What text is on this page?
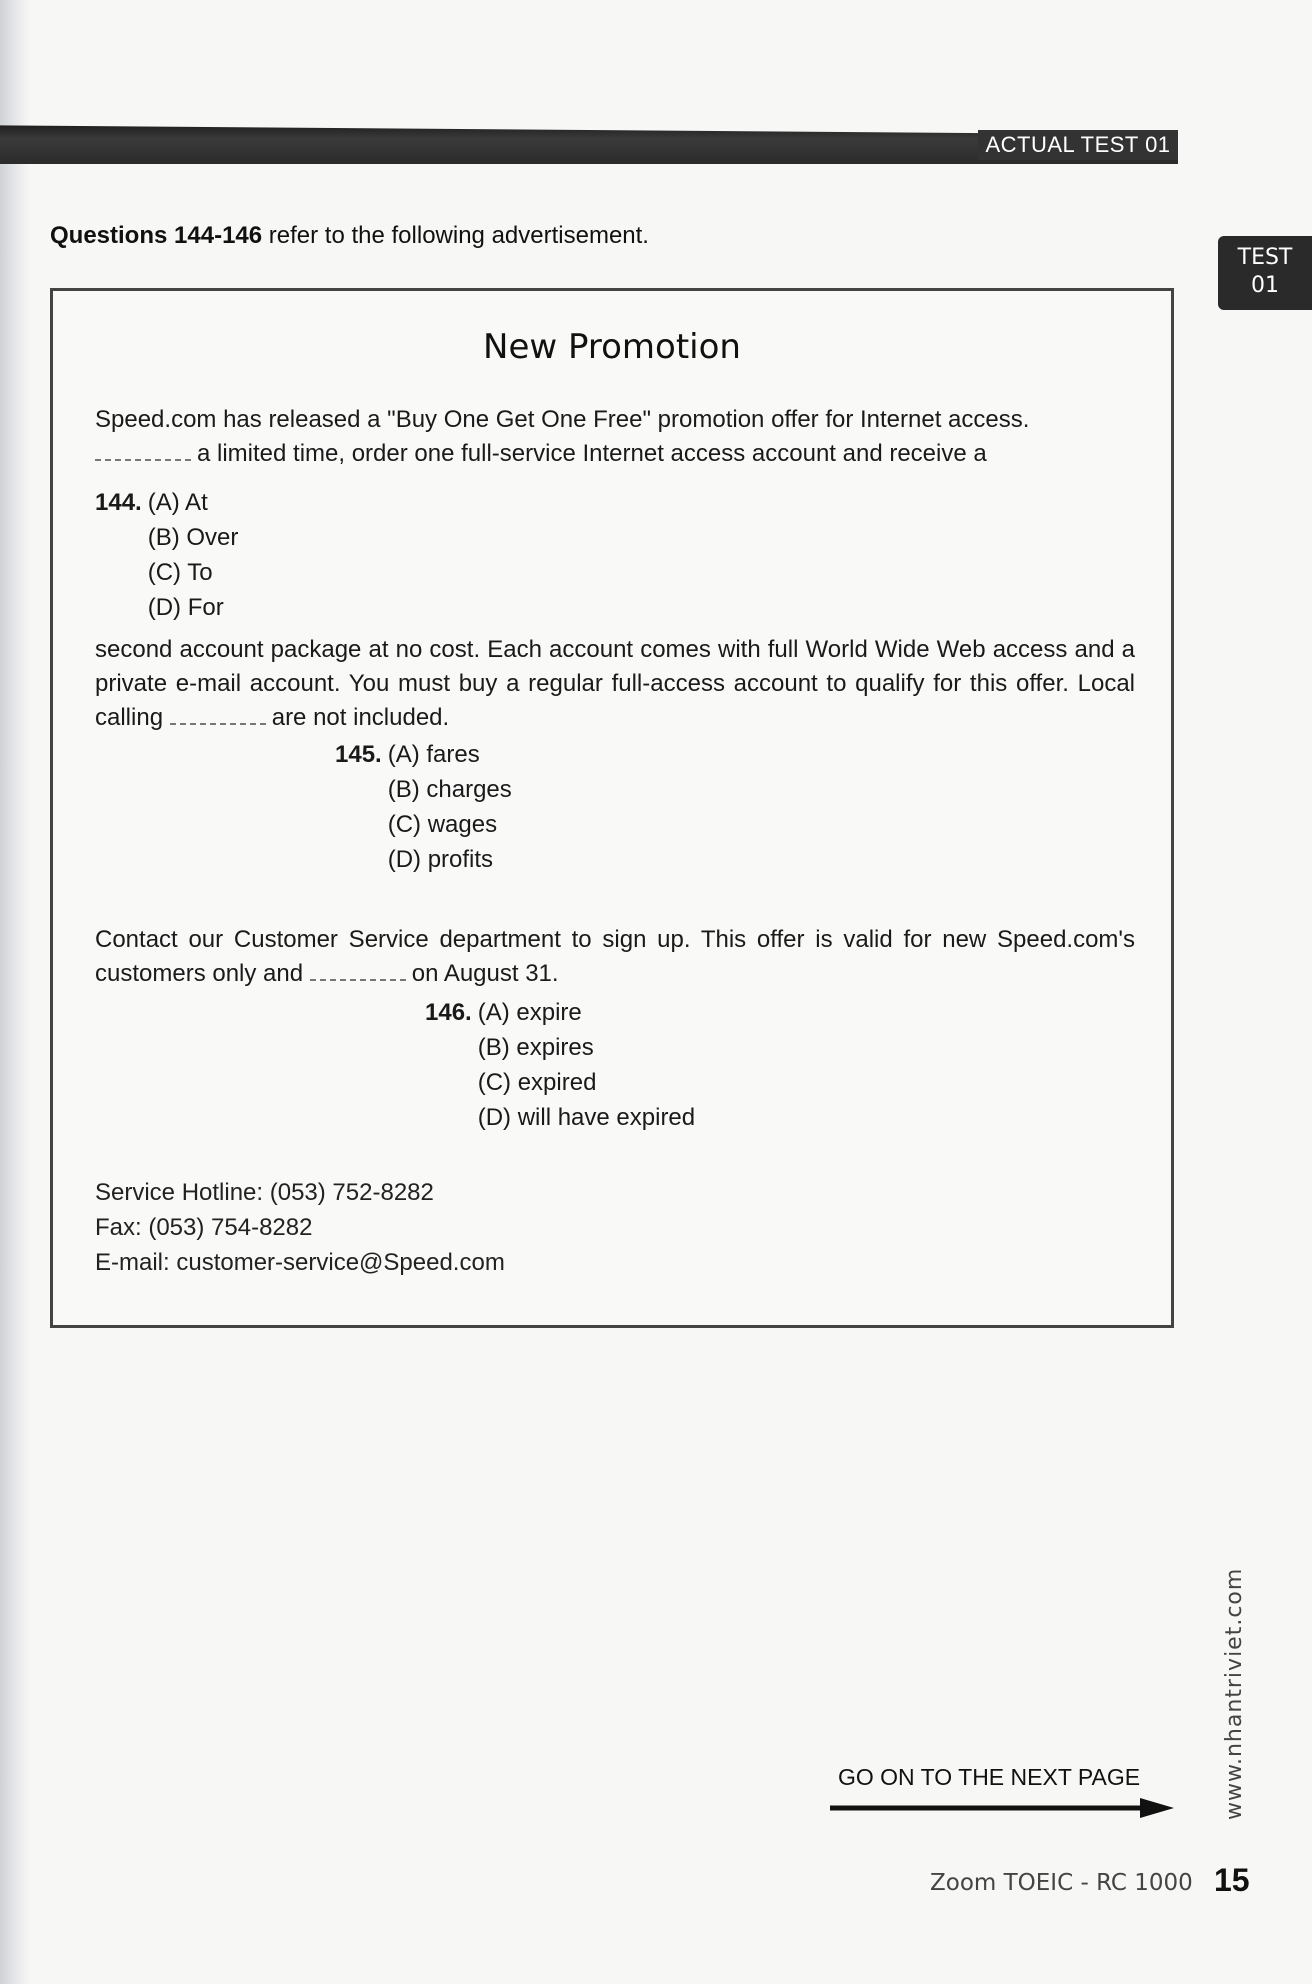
ACTUAL TEST 01
TEST
01
Questions 144-146 refer to the following advertisement.
New Promotion
Speed.com has released a "Buy One Get One Free" promotion offer for Internet access.
a limited time, order one full-service Internet access account and receive a
144. (A) At
(B) Over
(C) To
(D) For
second account package at no cost. Each account comes with full World Wide Web access and a private e-mail account. You must buy a regular full-access account to qualify for this offer. Local calling	are not included.
145. (A) fares
(B) charges
(C) wages
(D) profits
Contact our Customer Service department to sign up. This offer is valid for new Speed.com's customers only and	on August 31.
146. (A) expire
(B) expires
(C) expired
(D) will have expired
Service Hotline: (053) 752-8282
Fax: (053) 754-8282
E-mail: customer-service@Speed.com
GO ON TO THE NEXT PAGE	www.nhantriviet.com
Zoom TOEIC - RC 1000 15
